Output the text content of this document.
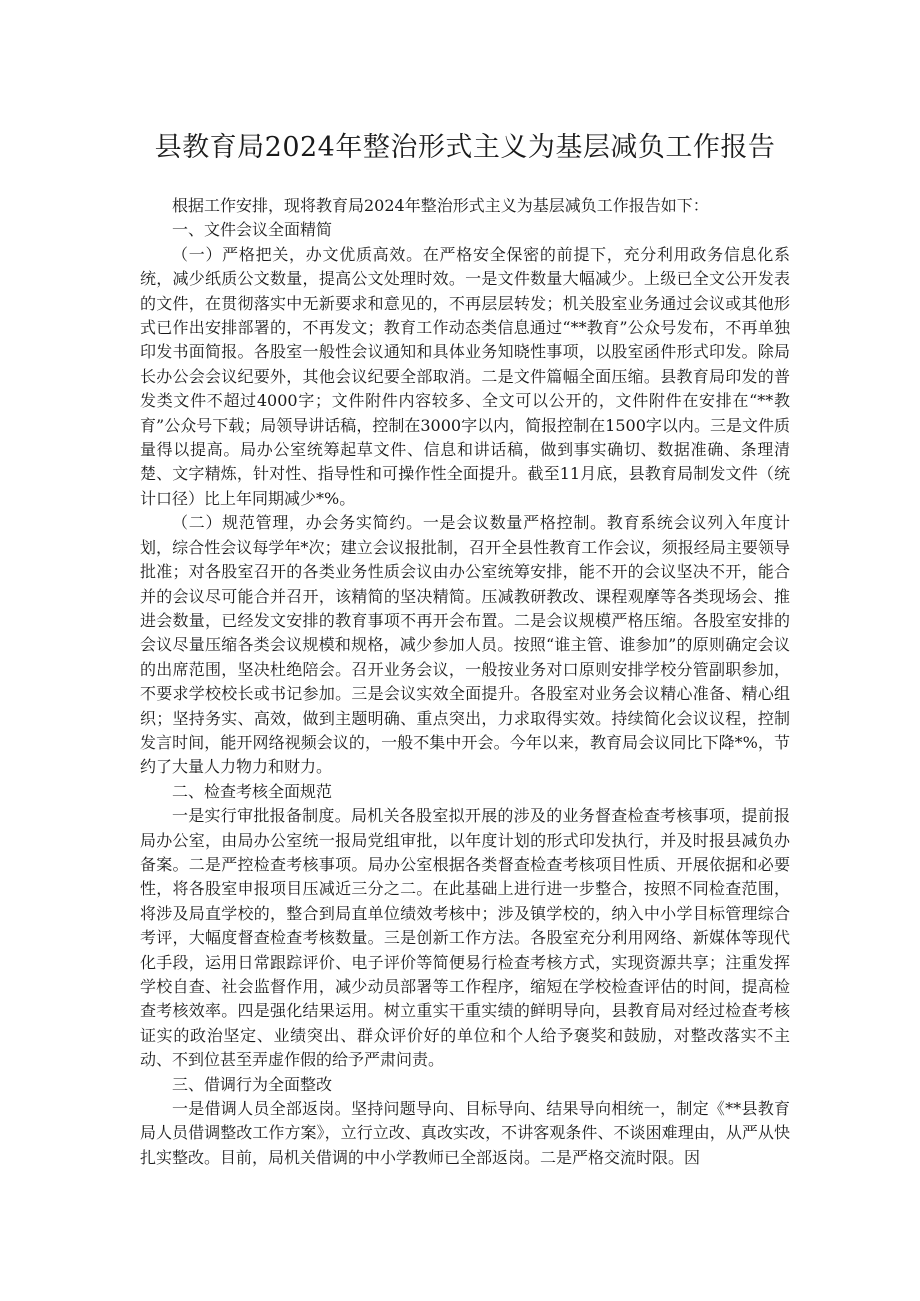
县教育局2024年整治形式主义为基层减负工作报告

根据工作安排，现将教育局2024年整治形式主义为基层减负工作报告如下：

一、文件会议全面精简

（一）严格把关，办文优质高效。在严格安全保密的前提下，充分利用政务信息化系统，减少纸质公文数量，提高公文处理时效。一是文件数量大幅减少。上级已全文公开发表的文件，在贯彻落实中无新要求和意见的，不再层层转发；机关股室业务通过会议或其他形式已作出安排部署的，不再发文；教育工作动态类信息通过“**教育”公众号发布，不再单独印发书面简报。各股室一般性会议通知和具体业务知晓性事项，以股室函件形式印发。除局长办公会会议纪要外，其他会议纪要全部取消。二是文件篇幅全面压缩。县教育局印发的普发类文件不超过4000字；文件附件内容较多、全文可以公开的，文件附件在安排在“**教育”公众号下载；局领导讲话稿，控制在3000字以内，简报控制在1500字以内。三是文件质量得以提高。局办公室统筹起草文件、信息和讲话稿，做到事实确切、数据准确、条理清楚、文字精炼，针对性、指导性和可操作性全面提升。截至11月底，县教育局制发文件（统计口径）比上年同期减少*%。

（二）规范管理，办会务实简约。一是会议数量严格控制。教育系统会议列入年度计划，综合性会议每学年*次；建立会议报批制，召开全县性教育工作会议，须报经局主要领导批准；对各股室召开的各类业务性质会议由办公室统筹安排，能不开的会议坚决不开，能合并的会议尽可能合并召开，该精简的坚决精简。压减教研教改、课程观摩等各类现场会、推进会数量，已经发文安排的教育事项不再开会布置。二是会议规模严格压缩。各股室安排的会议尽量压缩各类会议规模和规格，减少参加人员。按照“谁主管、谁参加”的原则确定会议的出席范围，坚决杜绝陪会。召开业务会议，一般按业务对口原则安排学校分管副职参加，不要求学校校长或书记参加。三是会议实效全面提升。各股室对业务会议精心准备、精心组织；坚持务实、高效，做到主题明确、重点突出，力求取得实效。持续简化会议议程，控制发言时间，能开网络视频会议的，一般不集中开会。今年以来，教育局会议同比下降*%，节约了大量人力物力和财力。

二、检查考核全面规范

一是实行审批报备制度。局机关各股室拟开展的涉及的业务督查检查考核事项，提前报局办公室，由局办公室统一报局党组审批，以年度计划的形式印发执行，并及时报县减负办备案。二是严控检查考核事项。局办公室根据各类督查检查考核项目性质、开展依据和必要性，将各股室申报项目压减近三分之二。在此基础上进行进一步整合，按照不同检查范围，将涉及局直学校的，整合到局直单位绩效考核中；涉及镇学校的，纳入中小学目标管理综合考评，大幅度督查检查考核数量。三是创新工作方法。各股室充分利用网络、新媒体等现代化手段，运用日常跟踪评价、电子评价等简便易行检查考核方式，实现资源共享；注重发挥学校自查、社会监督作用，减少动员部署等工作程序，缩短在学校检查评估的时间，提高检查考核效率。四是强化结果运用。树立重实干重实绩的鲜明导向，县教育局对经过检查考核证实的政治坚定、业绩突出、群众评价好的单位和个人给予褒奖和鼓励，对整改落实不主动、不到位甚至弄虚作假的给予严肃问责。

三、借调行为全面整改

一是借调人员全部返岗。坚持问题导向、目标导向、结果导向相统一，制定《**县教育局人员借调整改工作方案》，立行立改、真改实改，不讲客观条件、不谈困难理由，从严从快扎实整改。目前，局机关借调的中小学教师已全部返岗。二是严格交流时限。因
